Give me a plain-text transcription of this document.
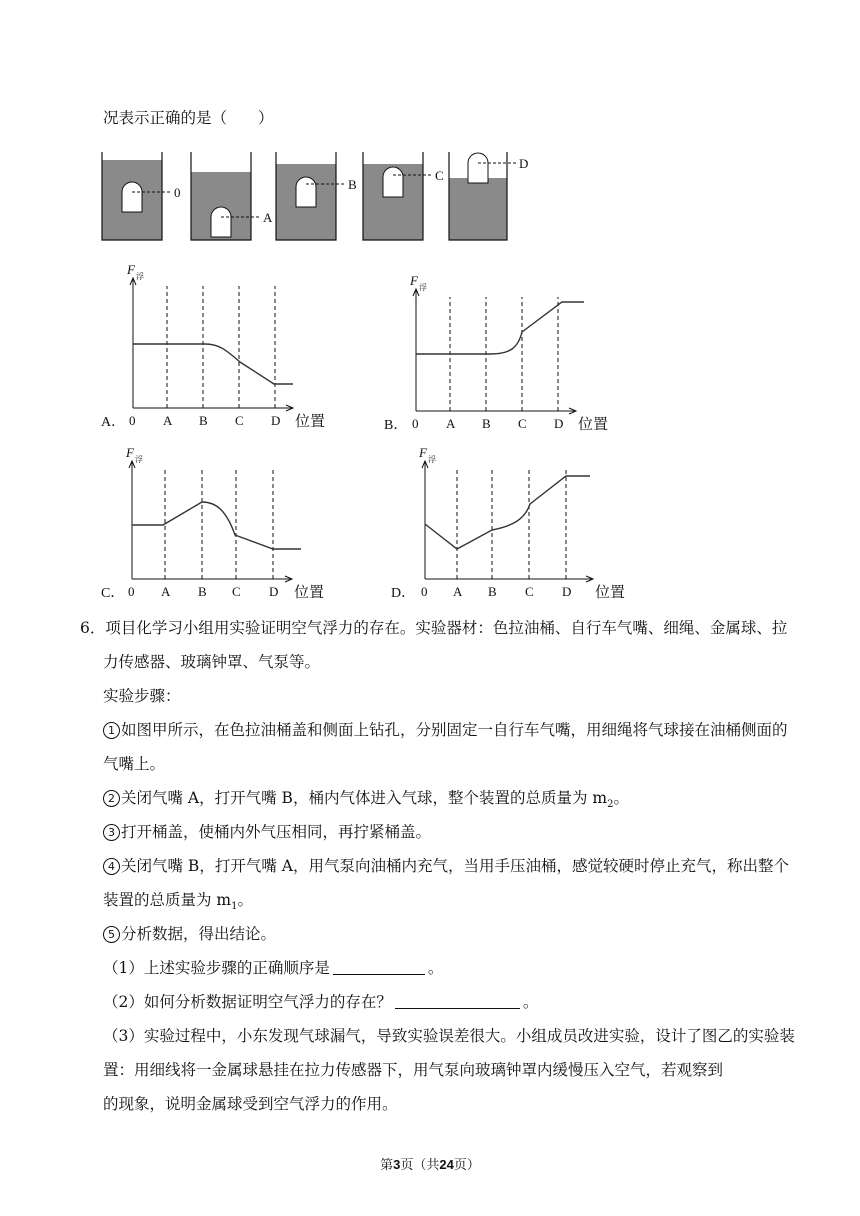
况表示正确的是（　　）
0
A
B
C
D
F 浮
0 A B C D 位置
A．
F 浮
0 A B C D 位置
B．
F 浮
0 A B C D 位置
C．
F 浮
0 A B C D 位置
D．
6．项目化学习小组用实验证明空气浮力的存在。实验器材：色拉油桶、自行车气嘴、细绳、金属球、拉
力传感器、玻璃钟罩、气泵等。
实验步骤：
1 如图甲所示，在色拉油桶盖和侧面上钻孔，分别固定一自行车气嘴，用细绳将气球接在油桶侧面的
气嘴上。
2 关闭气嘴 A，打开气嘴 B，桶内气体进入气球，整个装置的总质量为 $m_2$。
3 打开桶盖，使桶内外气压相同，再拧紧桶盖。
4 关闭气嘴 B，打开气嘴 A，用气泵向油桶内充气，当用手压油桶，感觉较硬时停止充气，称出整个
装置的总质量为 $m_1$。
5 分析数据，得出结论。
（1）上述实验步骤的正确顺序是	。
（2）如何分析数据证明空气浮力的存在？	。
（3）实验过程中，小东发现气球漏气，导致实验误差很大。小组成员改进实验，设计了图乙的实验装
置：用细线将一金属球悬挂在拉力传感器下，用气泵向玻璃钟罩内缓慢压入空气，若观察到
的现象，说明金属球受到空气浮力的作用。
第3页（共24页）
